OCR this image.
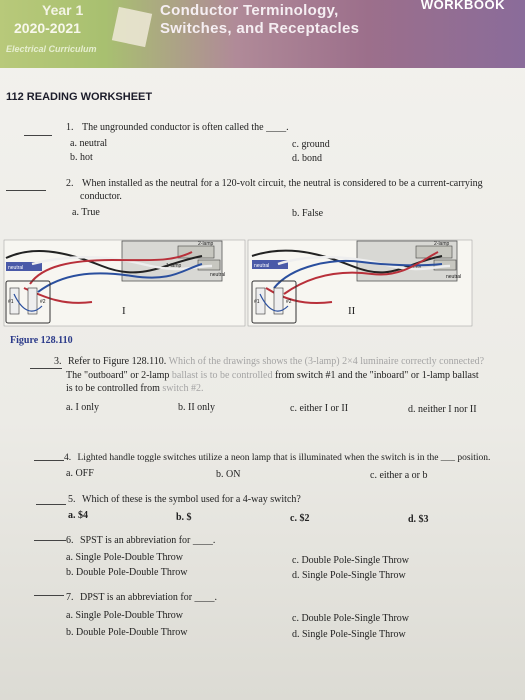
Year 1
2020-2021
Electrical Curriculum
Conductor Terminology,
Switches, and Receptacles
WORKBOOK
112 READING WORKSHEET
1. The ungrounded conductor is often called the ____.
a. neutral
b. hot
c. ground
d. bond
2. When installed as the neutral for a 120-volt circuit, the neutral is considered to be a current-carrying
conductor.
a. True	b. False
2-lamp
1-lamp
neutral
neutral
#1	#2
I
2-lamp
1-lamp
neutral
neutral
#1	#2
II
Figure 128.110
3. Refer to Figure 128.110. Which of the drawings shows the (3-lamp) 2×4 luminaire correctly connected?
The "outboard" or 2-lamp ballast is to be controlled from switch #1 and the "inboard" or 1-lamp ballast
is to be controlled from switch #2.
a. I only	b. II only	c. either I or II	d. neither I nor II
4. Lighted handle toggle switches utilize a neon lamp that is illuminated when the switch is in the ___ position.
a. OFF	b. ON	c. either a or b
5. Which of these is the symbol used for a 4-way switch?
a. $4	b. $	c. $2	d. $3
6. SPST is an abbreviation for ____.
a. Single Pole-Double Throw
b. Double Pole-Double Throw
c. Double Pole-Single Throw
d. Single Pole-Single Throw
7. DPST is an abbreviation for ____.
a. Single Pole-Double Throw
b. Double Pole-Double Throw
c. Double Pole-Single Throw
d. Single Pole-Single Throw
